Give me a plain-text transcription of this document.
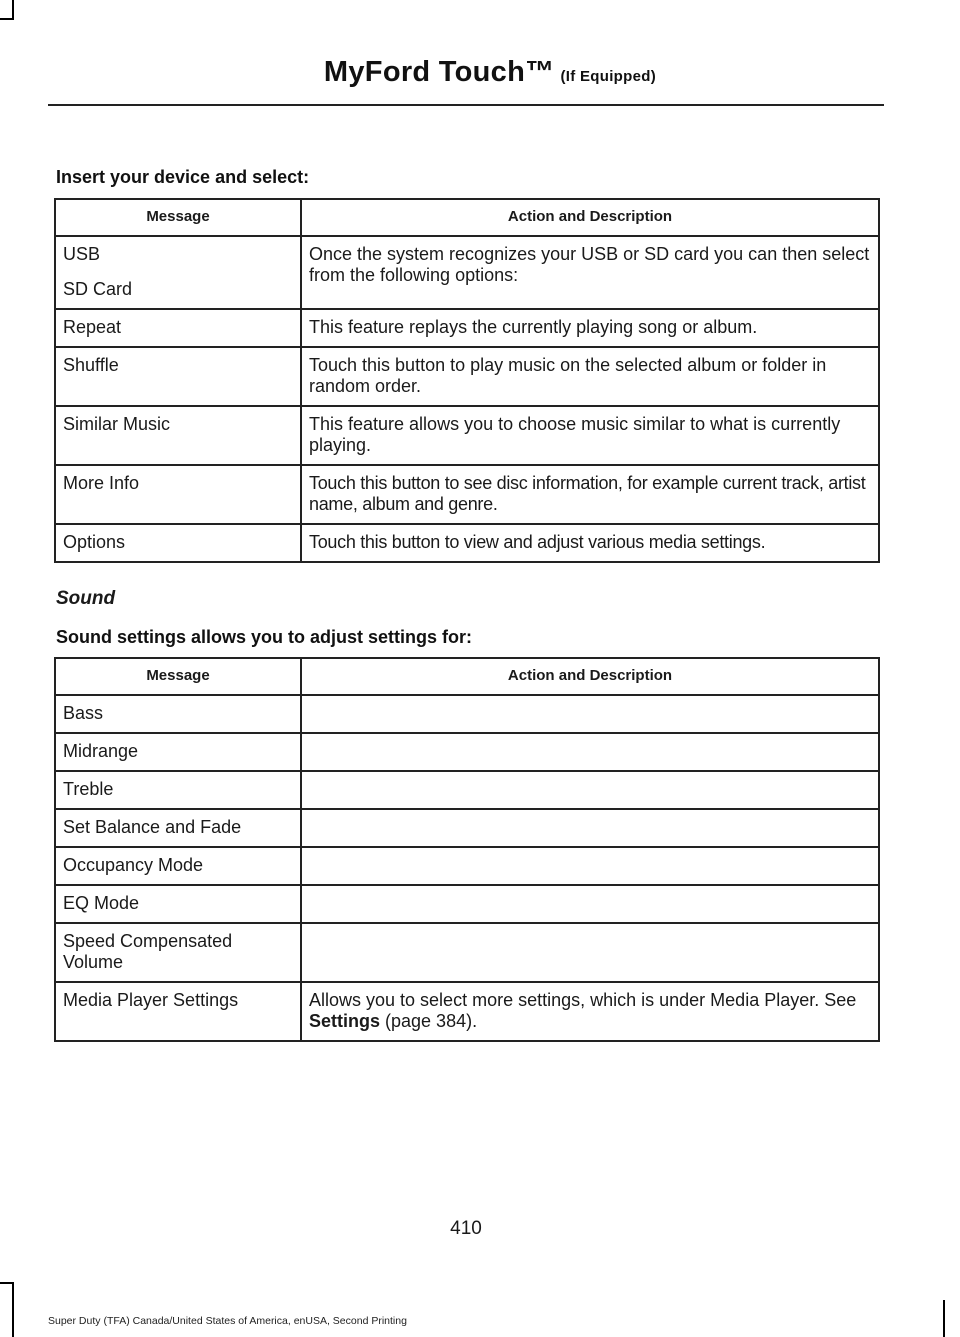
MyFord Touch™ (If Equipped)
Insert your device and select:
Message	Action and Description

USB
SD Card	Once the system recognizes your USB or SD card you can then select from the following options:
Repeat	This feature replays the currently playing song or album.
Shuffle	Touch this button to play music on the selected album or folder in random order.
Similar Music	This feature allows you to choose music similar to what is currently playing.
More Info	Touch this button to see disc information, for example current track, artist name, album and genre.
Options	Touch this button to view and adjust various media settings.
Sound
Sound settings allows you to adjust settings for:
Message	Action and Description
Bass	
Midrange	
Treble	
Set Balance and Fade	
Occupancy Mode	
EQ Mode	
Speed Compensated Volume	
Media Player Settings	Allows you to select more settings, which is under Media Player. See Settings (page 384).
410
Super Duty (TFA) Canada/United States of America, enUSA, Second Printing
